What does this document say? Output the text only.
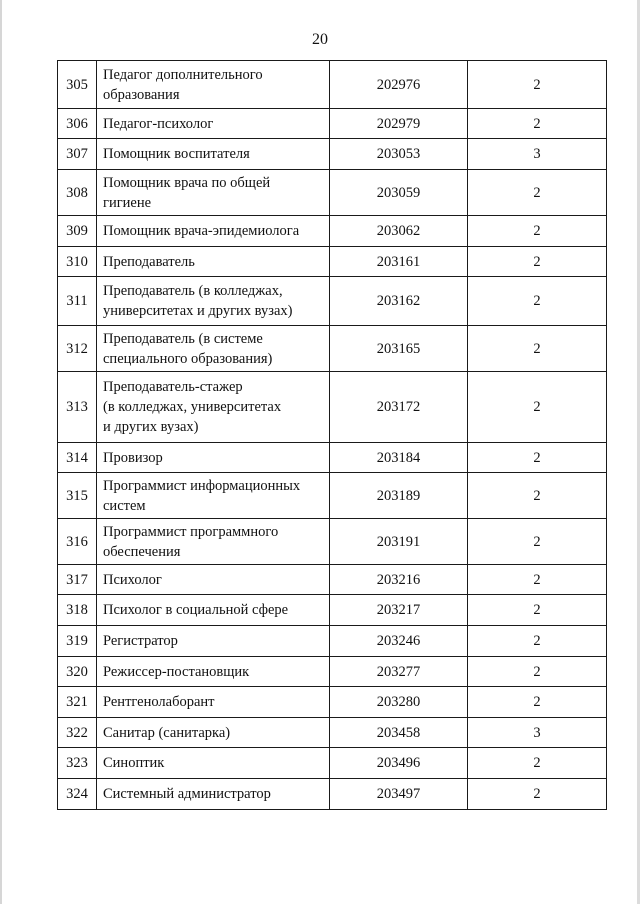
20
305	Педагог дополнительного
образования	202976	2
306	Педагог-психолог	202979	2
307	Помощник воспитателя	203053	3
308	Помощник врача по общей
гигиене	203059	2
309	Помощник врача-эпидемиолога	203062	2
310	Преподаватель	203161	2
311	Преподаватель (в колледжах,
университетах и других вузах)	203162	2
312	Преподаватель (в системе
специального образования)	203165	2
313	Преподаватель-стажер
(в колледжах, университетах
и других вузах)	203172	2
314	Провизор	203184	2
315	Программист информационных
систем	203189	2
316	Программист программного
обеспечения	203191	2
317	Психолог	203216	2
318	Психолог в социальной сфере	203217	2
319	Регистратор	203246	2
320	Режиссер-постановщик	203277	2
321	Рентгенолаборант	203280	2
322	Санитар (санитарка)	203458	3
323	Синоптик	203496	2
324	Системный администратор	203497	2
